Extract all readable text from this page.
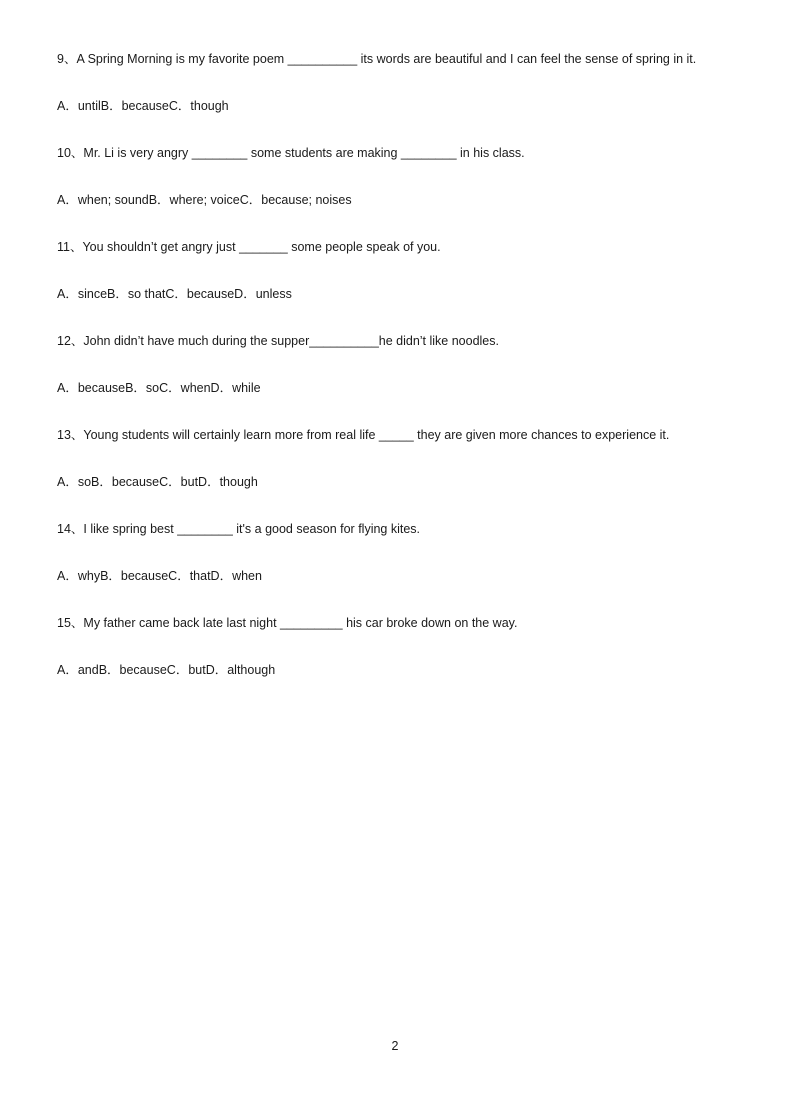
9、A Spring Morning is my favorite poem __________ its words are beautiful and I can feel the sense of spring in it.
A．untilB．becauseC．though
10、Mr. Li is very angry ________ some students are making ________ in his class.
A．when; soundB．where; voiceC．because; noises
11、You shouldn’t get angry just _______ some people speak of you.
A．sinceB．so thatC．becauseD．unless
12、John didn’t have much during the supper__________he didn’t like noodles.
A．becauseB．soC．whenD．while
13、Young students will certainly learn more from real life _____ they are given more chances to experience it.
A．soB．becauseC．butD．though
14、I like spring best ________ it's a good season for flying kites.
A．whyB．becauseC．thatD．when
15、My father came back late last night _________ his car broke down on the way.
A．andB．becauseC．butD．although
2
